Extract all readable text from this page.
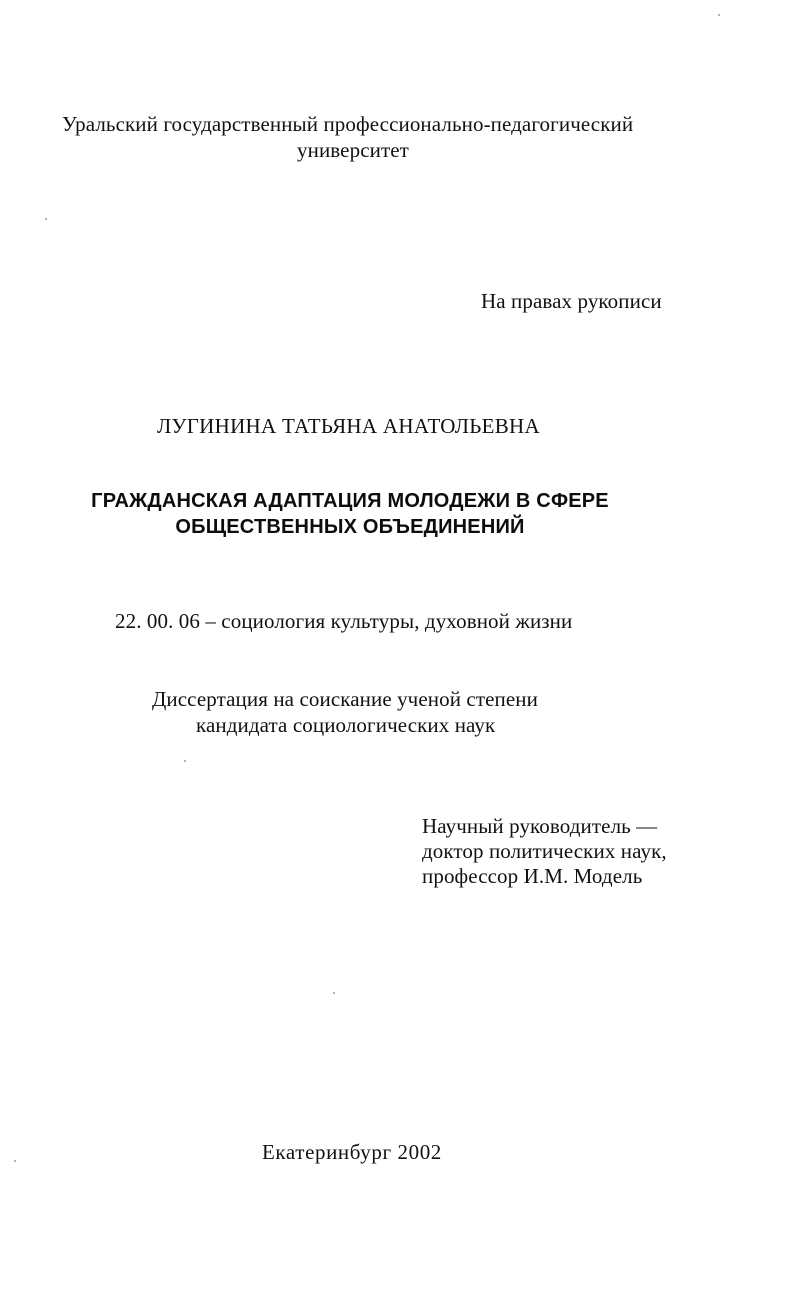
Уральский государственный профессионально-педагогический
университет
На правах рукописи
ЛУГИНИНА ТАТЬЯНА АНАТОЛЬЕВНА
ГРАЖДАНСКАЯ АДАПТАЦИЯ МОЛОДЕЖИ В СФЕРЕ
ОБЩЕСТВЕННЫХ ОБЪЕДИНЕНИЙ
22. 00. 06 – социология культуры, духовной жизни
Диссертация на соискание ученой степени
кандидата социологических наук
Научный руководитель —
доктор политических наук,
профессор И.М. Модель
Екатеринбург 2002
